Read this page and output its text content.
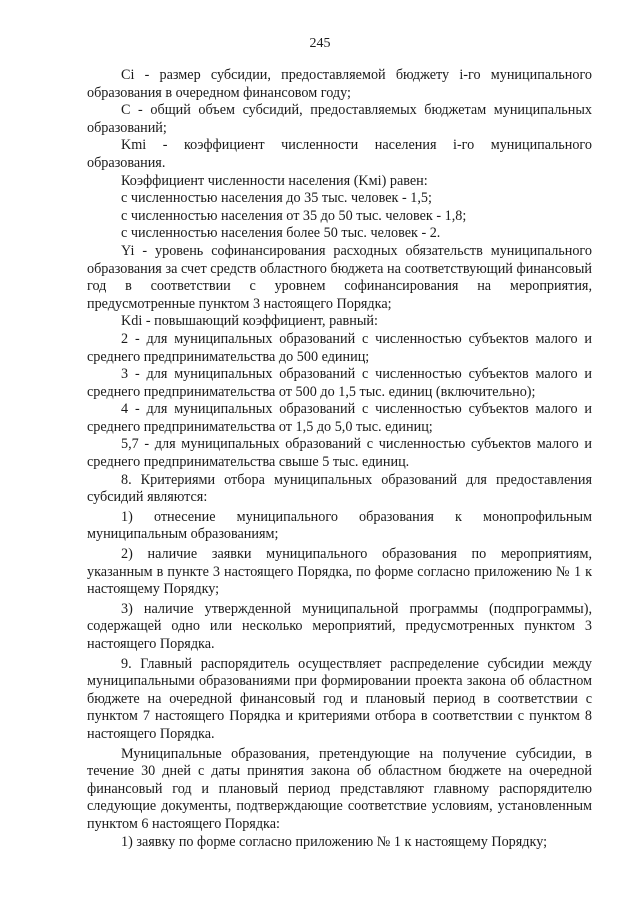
245

Ci - размер субсидии, предоставляемой бюджету i-го муниципального образования в очередном финансовом году;

C - общий объем субсидий, предоставляемых бюджетам муниципальных образований;

Kmi - коэффициент численности населения i-го муниципального образования.

Коэффициент численности населения (Kмi) равен:

с численностью населения до 35 тыс. человек - 1,5;

с численностью населения от 35 до 50 тыс. человек - 1,8;

с численностью населения более 50 тыс. человек - 2.

Yi - уровень софинансирования расходных обязательств муниципального образования за счет средств областного бюджета на соответствующий финансовый год в соответствии с уровнем софинансирования на мероприятия, предусмотренные пунктом 3 настоящего Порядка;

Kdi - повышающий коэффициент, равный:

2 - для муниципальных образований с численностью субъектов малого и среднего предпринимательства до 500 единиц;

3 - для муниципальных образований с численностью субъектов малого и среднего предпринимательства от 500 до 1,5 тыс. единиц (включительно);

4 - для муниципальных образований с численностью субъектов малого и среднего предпринимательства от 1,5 до 5,0 тыс. единиц;

5,7 - для муниципальных образований с численностью субъектов малого и среднего предпринимательства свыше 5 тыс. единиц.

8. Критериями отбора муниципальных образований для предоставления субсидий являются:

1) отнесение муниципального образования к монопрофильным муниципальным образованиям;

2) наличие заявки муниципального образования по мероприятиям, указанным в пункте 3 настоящего Порядка, по форме согласно приложению № 1 к настоящему Порядку;

3) наличие утвержденной муниципальной программы (подпрограммы), содержащей одно или несколько мероприятий, предусмотренных пунктом 3 настоящего Порядка.

9. Главный распорядитель осуществляет распределение субсидии между муниципальными образованиями при формировании проекта закона об областном бюджете на очередной финансовый год и плановый период в соответствии с пунктом 7 настоящего Порядка и критериями отбора в соответствии с пунктом 8 настоящего Порядка.

Муниципальные образования, претендующие на получение субсидии, в течение 30 дней с даты принятия закона об областном бюджете на очередной финансовый год и плановый период представляют главному распорядителю следующие документы, подтверждающие соответствие условиям, установленным пунктом 6 настоящего Порядка:

1) заявку по форме согласно приложению № 1 к настоящему Порядку;
